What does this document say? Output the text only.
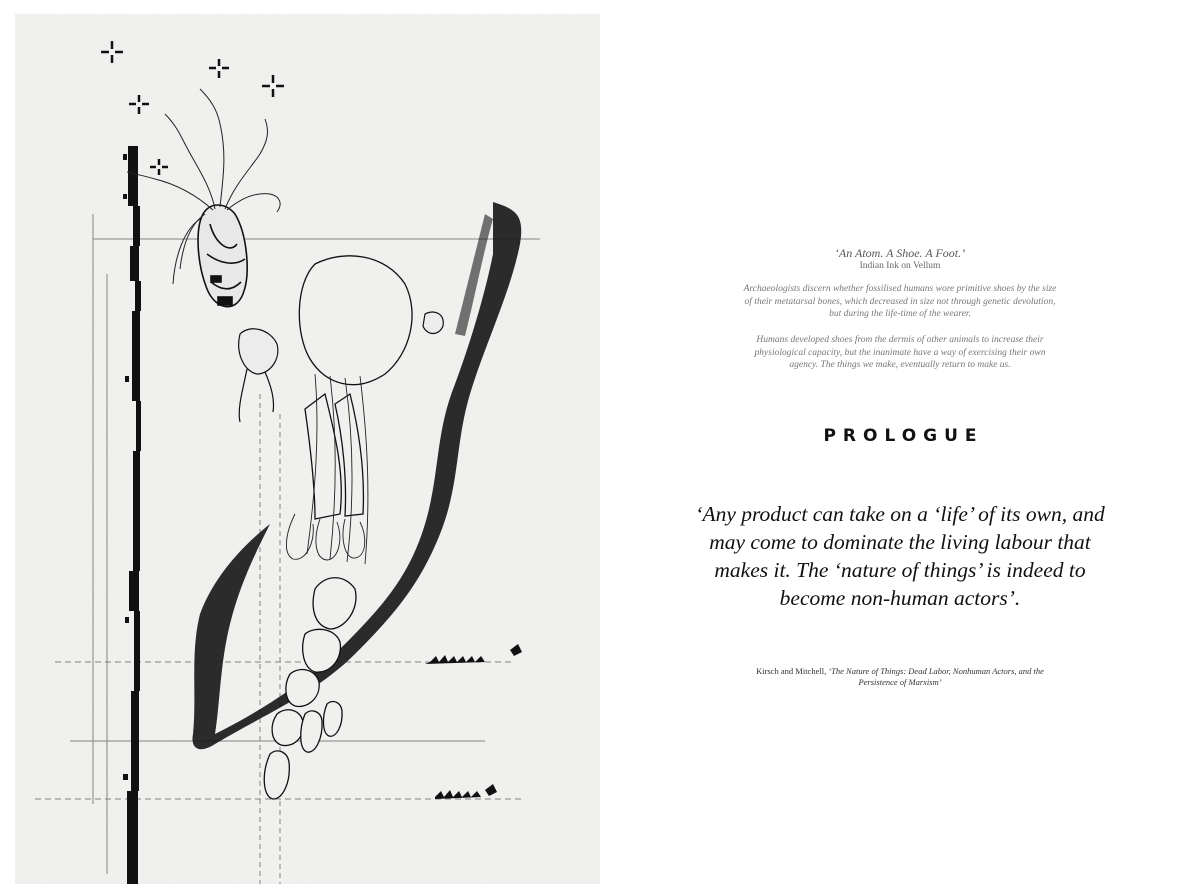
‘An Atom. A Shoe. A Foot.’
Indian Ink on Vellum
Archaeologists discern whether fossilised humans wore primitive shoes by the size of their metatarsal bones, which decreased in size not through genetic devolution, but during the life-time of the wearer.
Humans developed shoes from the dermis of other animals to increase their physiological capacity, but the inanimate have a way of exercising their own agency. The things we make, eventually return to make us.
PROLOGUE
‘Any product can take on a ‘life’ of its own, and may come to dominate the living labour that makes it. The ‘nature of things’ is indeed to become non-human actors’.
Kirsch and Mitchell, ‘The Nature of Things: Dead Labor, Nonhuman Actors, and the Persistence of Marxism’
